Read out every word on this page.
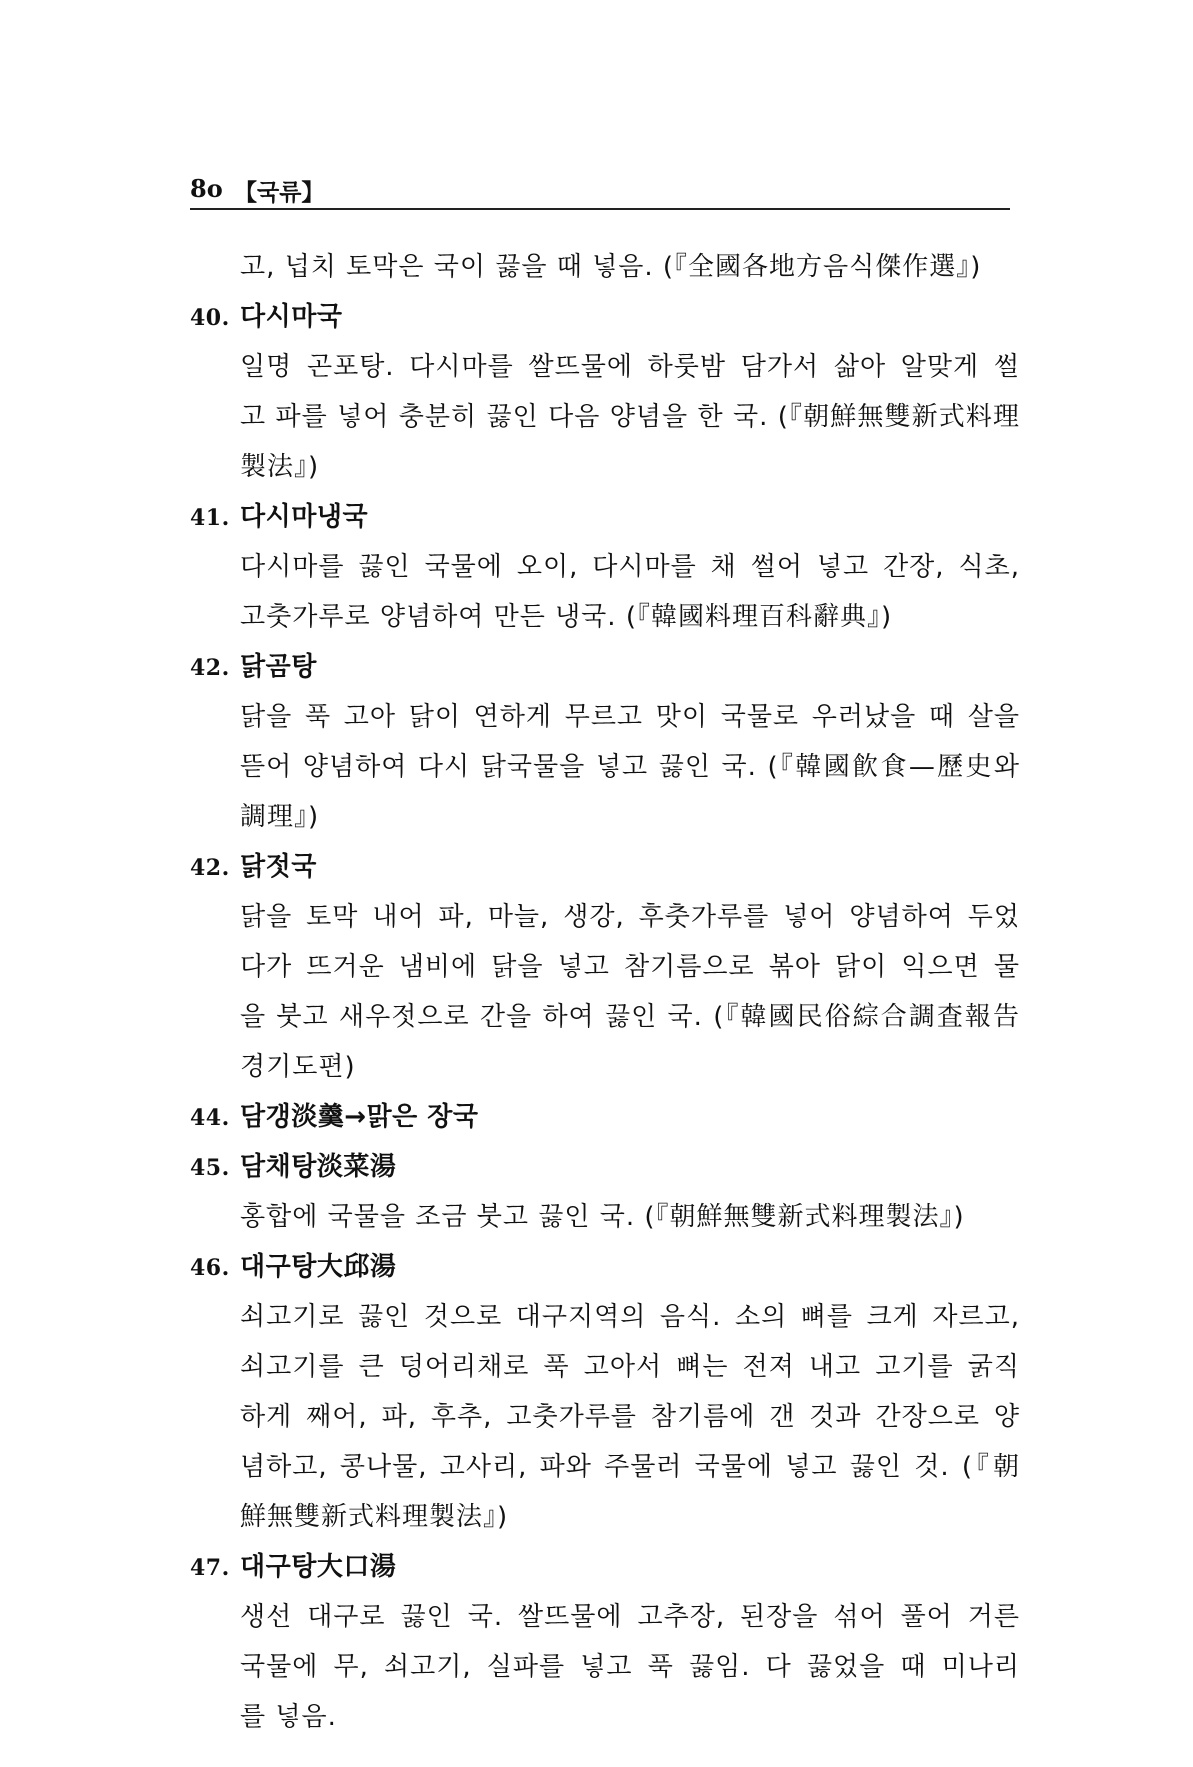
8o 【국류】
고, 넙치 토막은 국이 끓을 때 넣음. (『全國各地方음식傑作選』)
40. 다시마국
일명 곤포탕. 다시마를 쌀뜨물에 하룻밤 담가서 삶아 알맞게 썰
고 파를 넣어 충분히 끓인 다음 양념을 한 국. (『朝鮮無雙新式料理
製法』)
41. 다시마냉국
다시마를 끓인 국물에 오이, 다시마를 채 썰어 넣고 간장, 식초,
고춧가루로 양념하여 만든 냉국. (『韓國料理百科辭典』)
42. 닭곰탕
닭을 푹 고아 닭이 연하게 무르고 맛이 국물로 우러났을 때 살을
뜯어 양념하여 다시 닭국물을 넣고 끓인 국. (『韓國飮食—歷史와
調理』)
42. 닭젓국
닭을 토막 내어 파, 마늘, 생강, 후춧가루를 넣어 양념하여 두었
다가 뜨거운 냄비에 닭을 넣고 참기름으로 볶아 닭이 익으면 물
을 붓고 새우젓으로 간을 하여 끓인 국. (『韓國民俗綜合調査報告
경기도편)
44. 담갱淡羹→맑은 장국
45. 담채탕淡菜湯
홍합에 국물을 조금 붓고 끓인 국. (『朝鮮無雙新式料理製法』)
46. 대구탕大邱湯
쇠고기로 끓인 것으로 대구지역의 음식. 소의 뼈를 크게 자르고,
쇠고기를 큰 덩어리채로 푹 고아서 뼈는 전져 내고 고기를 굵직
하게 째어, 파, 후추, 고춧가루를 참기름에 갠 것과 간장으로 양
념하고, 콩나물, 고사리, 파와 주물러 국물에 넣고 끓인 것. (『朝
鮮無雙新式料理製法』)
47. 대구탕大口湯
생선 대구로 끓인 국. 쌀뜨물에 고추장, 된장을 섞어 풀어 거른
국물에 무, 쇠고기, 실파를 넣고 푹 끓임. 다 끓었을 때 미나리
를 넣음.
